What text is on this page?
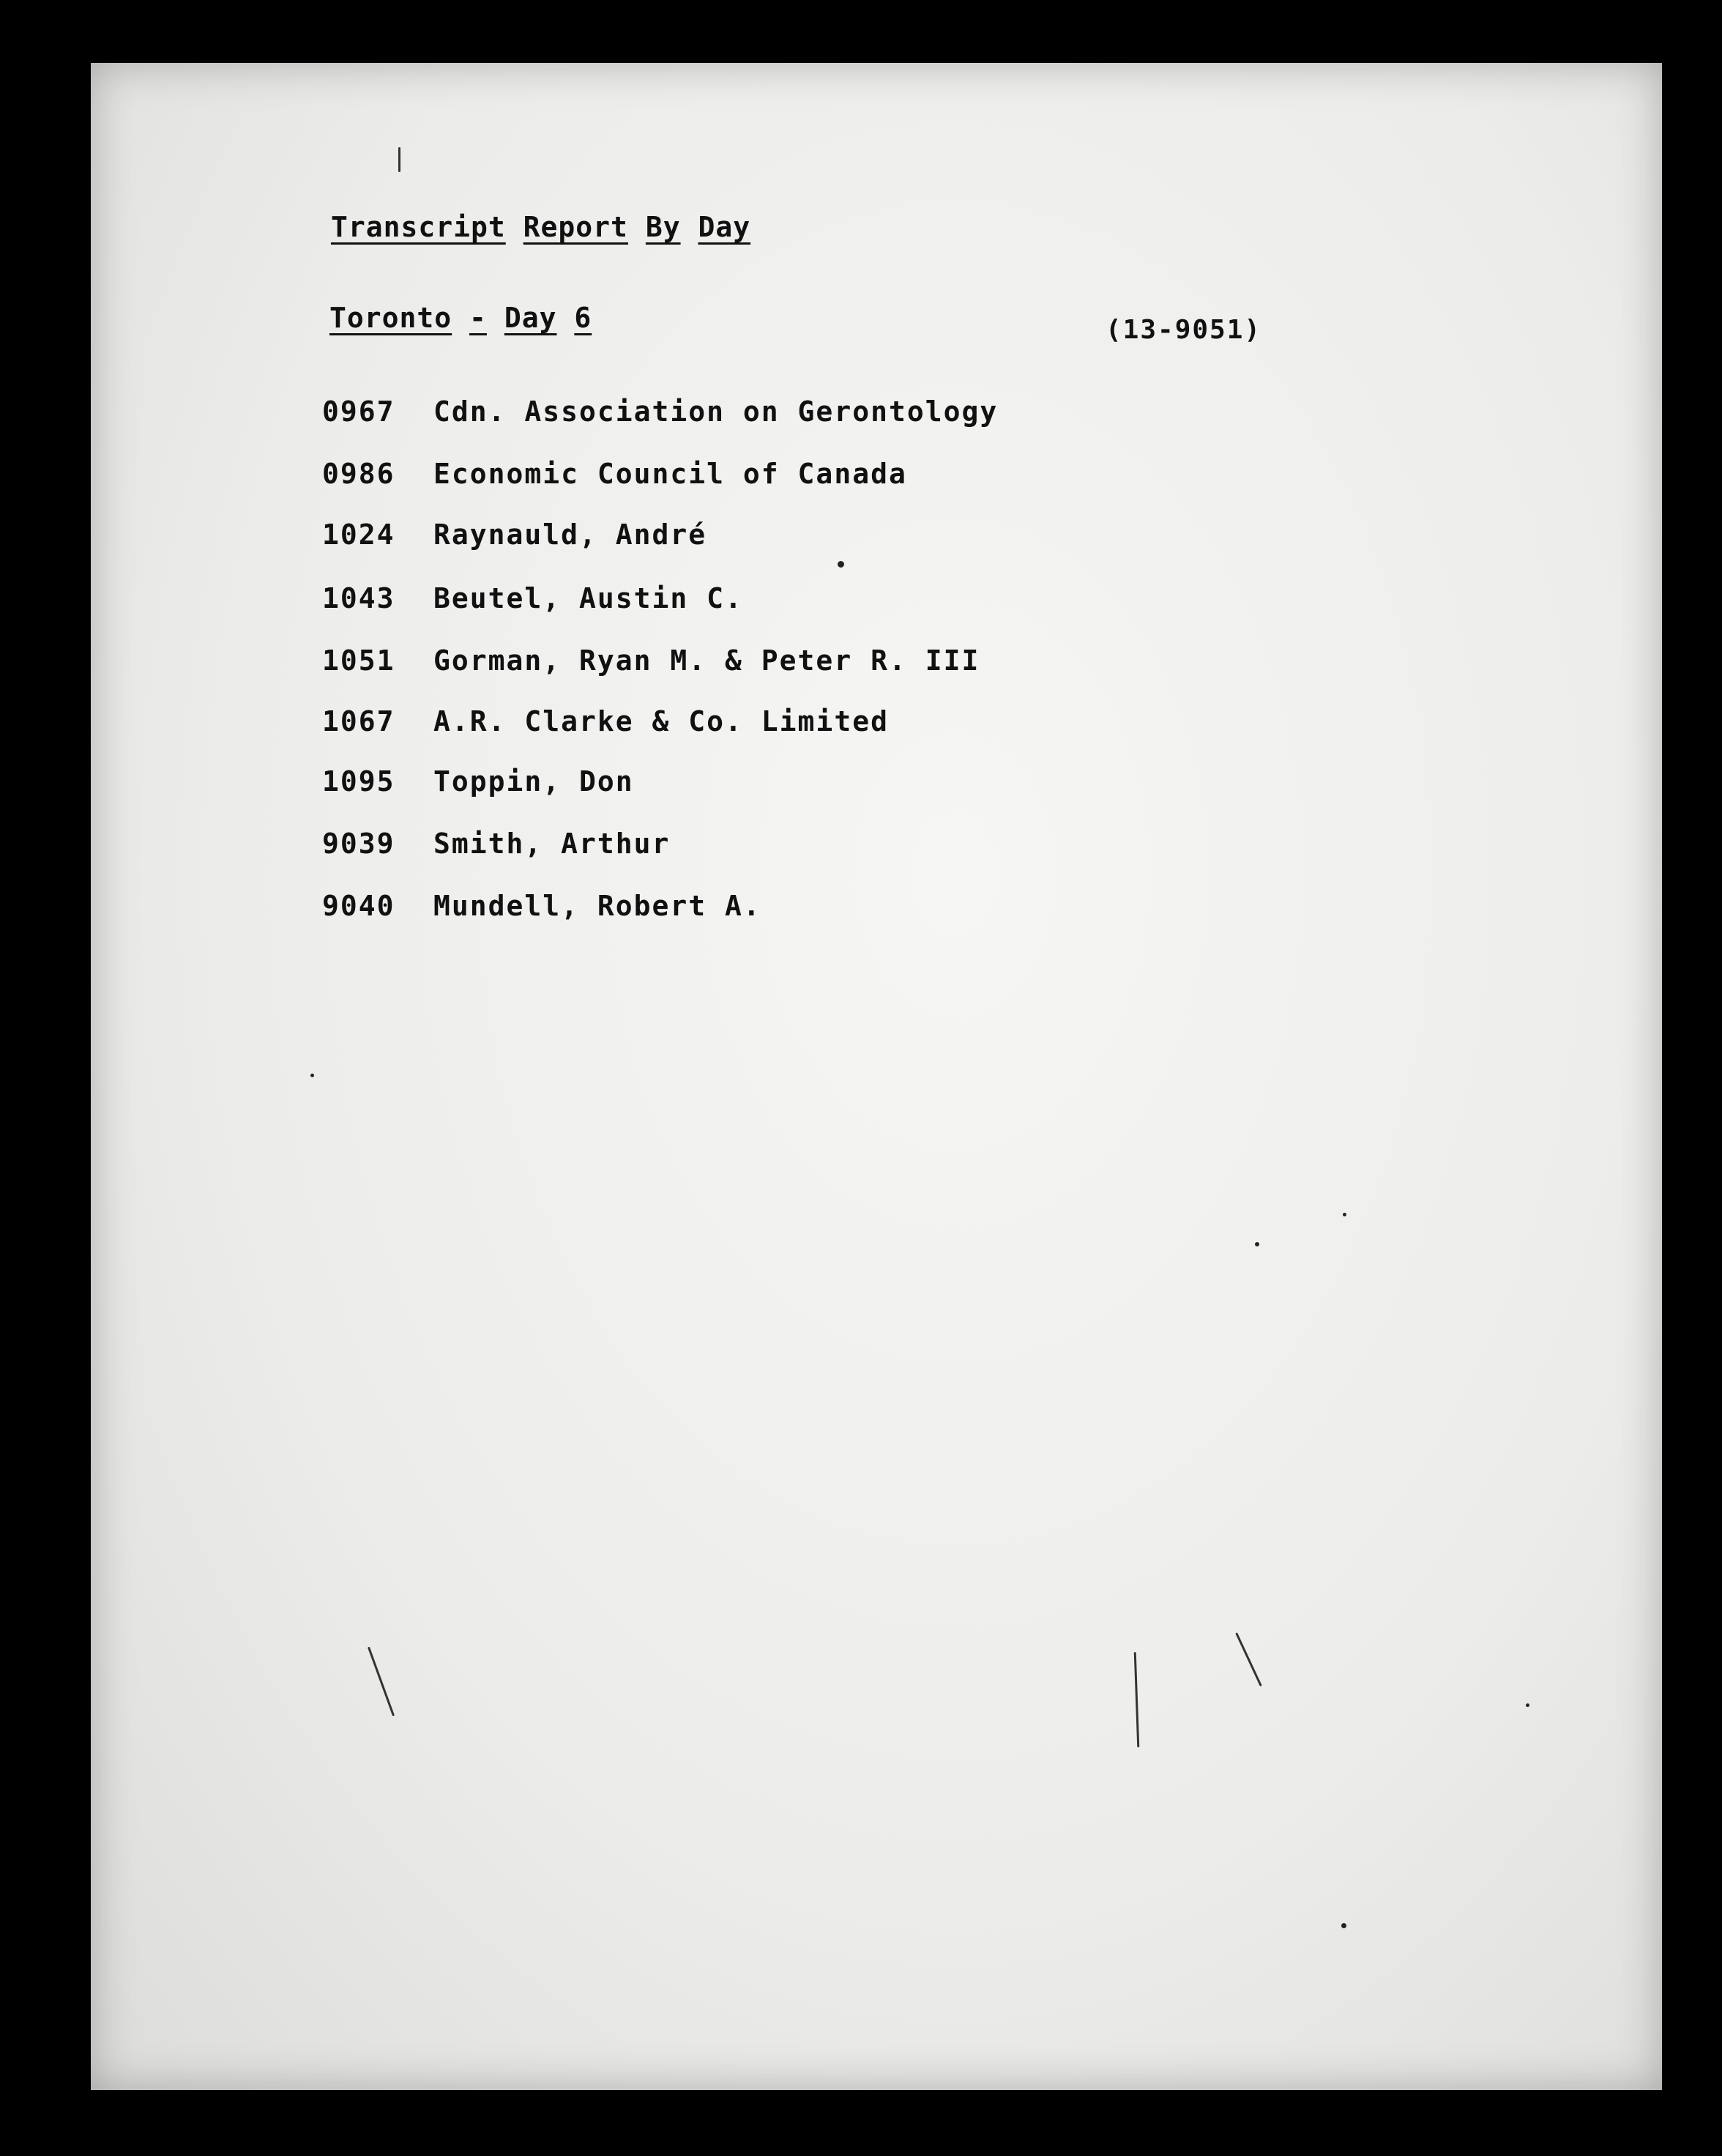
Transcript Report By Day
Toronto - Day 6	(13-9051)
0967 Cdn. Association on Gerontology
0986 Economic Council of Canada
1024 Raynauld, André
1043 Beutel, Austin C.
1051 Gorman, Ryan M. & Peter R. III
1067 A.R. Clarke & Co. Limited
1095 Toppin, Don
9039 Smith, Arthur
9040 Mundell, Robert A.
